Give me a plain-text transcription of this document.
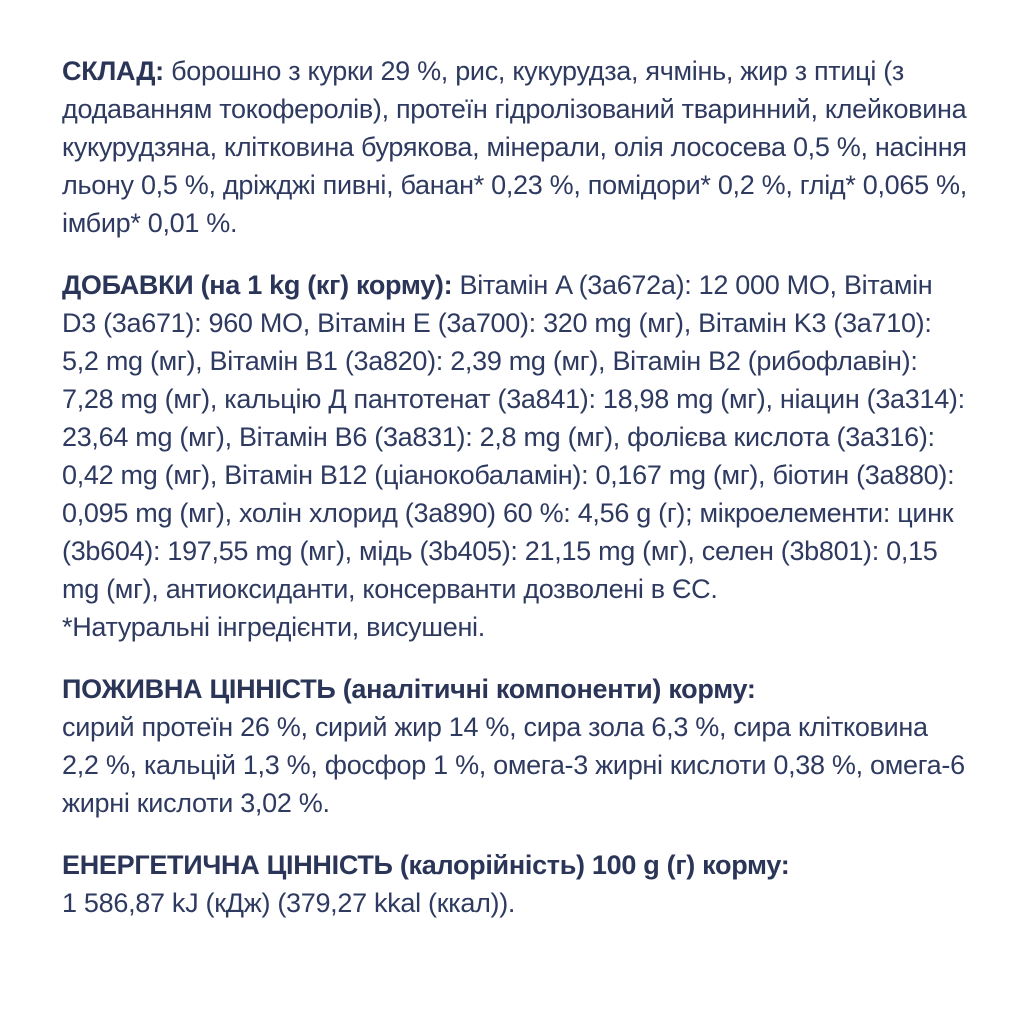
СКЛАД: борошно з курки 29 %, рис, кукурудза, ячмінь, жир з птиці (з додаванням токоферолів), протеїн гідролізований тваринний, клейковина кукурудзяна, клітковина бурякова, мінерали, олія лососева 0,5 %, насіння льону 0,5 %, дріжджі пивні, банан* 0,23 %, помідори* 0,2 %, глід* 0,065 %, імбир* 0,01 %.

ДОБАВКИ (на 1 kg (кг) корму): Вітамін A (3a672a): 12 000 МО, Вітамін D3 (3a671): 960 МО, Вітамін E (3a700): 320 mg (мг), Вітамін K3 (3a710): 5,2 mg (мг), Вітамін B1 (3a820): 2,39 mg (мг), Вітамін B2 (рибофлавін): 7,28 mg (мг), кальцію Д пантотенат (3a841): 18,98 mg (мг), ніацин (3a314): 23,64 mg (мг), Вітамін B6 (3a831): 2,8 mg (мг), фолієва кислота (3a316): 0,42 mg (мг), Вітамін B12 (ціанокобаламін): 0,167 mg (мг), біотин (3a880): 0,095 mg (мг), холін хлорид (3a890) 60 %: 4,56 g (г); мікроелементи: цинк (3b604): 197,55 mg (мг), мідь (3b405): 21,15 mg (мг), селен (3b801): 0,15 mg (мг), антиоксиданти, консерванти дозволені в ЄС.
*Натуральні інгредієнти, висушені.

ПОЖИВНА ЦІННІСТЬ (аналітичні компоненти) корму:
сирий протеїн 26 %, сирий жир 14 %, сира зола 6,3 %, сира клітковина 2,2 %, кальцій 1,3 %, фосфор 1 %, омега-3 жирні кислоти 0,38 %, омега-6 жирні кислоти 3,02 %.

ЕНЕРГЕТИЧНА ЦІННІСТЬ (калорійність) 100 g (г) корму:
1 586,87 kJ (кДж) (379,27 kkal (ккал)).
